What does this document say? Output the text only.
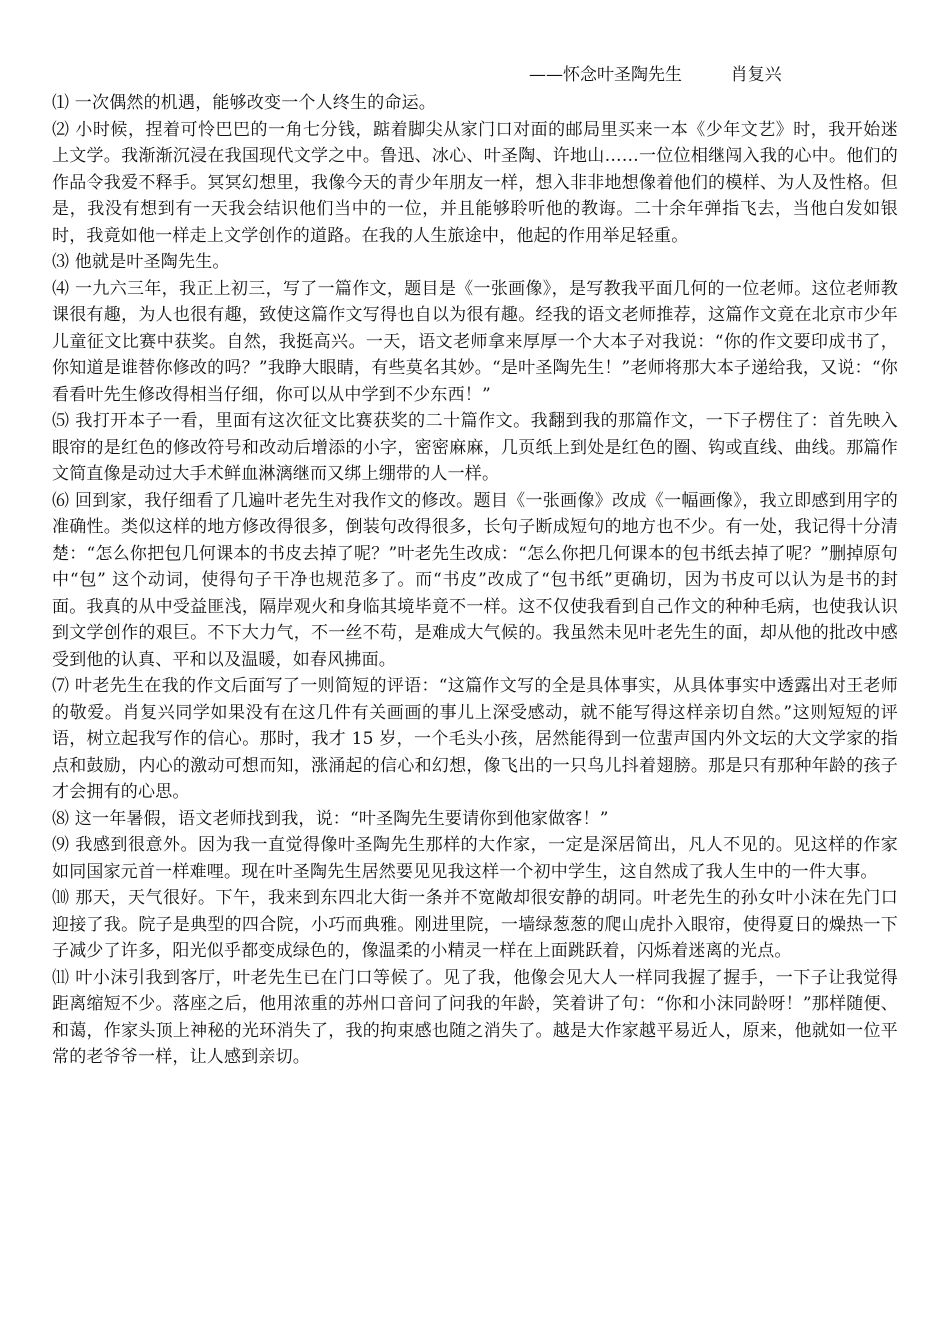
——怀念叶圣陶先生         肖复兴

⑴ 一次偶然的机遇，能够改变一个人终生的命运。

⑵ 小时候，捏着可怜巴巴的一角七分钱，踮着脚尖从家门口对面的邮局里买来一本《少年文艺》时，我开始迷上文学。我渐渐沉浸在我国现代文学之中。鲁迅、冰心、叶圣陶、许地山……一位位相继闯入我的心中。他们的作品令我爱不释手。冥冥幻想里，我像今天的青少年朋友一样，想入非非地想像着他们的模样、为人及性格。但是，我没有想到有一天我会结识他们当中的一位，并且能够聆听他的教诲。二十余年弹指飞去，当他白发如银时，我竟如他一样走上文学创作的道路。在我的人生旅途中，他起的作用举足轻重。

⑶ 他就是叶圣陶先生。

⑷ 一九六三年，我正上初三，写了一篇作文，题目是《一张画像》，是写教我平面几何的一位老师。这位老师教课很有趣，为人也很有趣，致使这篇作文写得也自以为很有趣。经我的语文老师推荐，这篇作文竟在北京市少年儿童征文比赛中获奖。自然，我挺高兴。一天，语文老师拿来厚厚一个大本子对我说：“你的作文要印成书了，你知道是谁替你修改的吗？”我睁大眼睛，有些莫名其妙。“是叶圣陶先生！”老师将那大本子递给我，又说：“你看看叶先生修改得相当仔细，你可以从中学到不少东西！”

⑸ 我打开本子一看，里面有这次征文比赛获奖的二十篇作文。我翻到我的那篇作文，一下子楞住了：首先映入眼帘的是红色的修改符号和改动后增添的小字，密密麻麻，几页纸上到处是红色的圈、钩或直线、曲线。那篇作文简直像是动过大手术鲜血淋漓继而又绑上绷带的人一样。

⑹ 回到家，我仔细看了几遍叶老先生对我作文的修改。题目《一张画像》改成《一幅画像》，我立即感到用字的准确性。类似这样的地方修改得很多，倒装句改得很多，长句子断成短句的地方也不少。有一处，我记得十分清楚：“怎么你把包几何课本的书皮去掉了呢？”叶老先生改成：“怎么你把几何课本的包书纸去掉了呢？”删掉原句中“包” 这个动词，使得句子干净也规范多了。而“书皮”改成了“包书纸”更确切，因为书皮可以认为是书的封面。我真的从中受益匪浅，隔岸观火和身临其境毕竟不一样。这不仅使我看到自己作文的种种毛病，也使我认识到文学创作的艰巨。不下大力气，不一丝不苟，是难成大气候的。我虽然未见叶老先生的面，却从他的批改中感受到他的认真、平和以及温暖，如春风拂面。

⑺ 叶老先生在我的作文后面写了一则简短的评语：“这篇作文写的全是具体事实，从具体事实中透露出对王老师的敬爱。肖复兴同学如果没有在这几件有关画画的事儿上深受感动，就不能写得这样亲切自然。”这则短短的评语，树立起我写作的信心。那时，我才 15 岁，一个毛头小孩，居然能得到一位蜚声国内外文坛的大文学家的指点和鼓励，内心的激动可想而知，涨涌起的信心和幻想，像飞出的一只鸟儿抖着翅膀。那是只有那种年龄的孩子才会拥有的心思。

⑻ 这一年暑假，语文老师找到我，说：“叶圣陶先生要请你到他家做客！”

⑼ 我感到很意外。因为我一直觉得像叶圣陶先生那样的大作家，一定是深居简出，凡人不见的。见这样的作家如同国家元首一样难哩。现在叶圣陶先生居然要见见我这样一个初中学生，这自然成了我人生中的一件大事。

⑽ 那天，天气很好。下午，我来到东四北大街一条并不宽敞却很安静的胡同。叶老先生的孙女叶小沫在先门口迎接了我。院子是典型的四合院，小巧而典雅。刚进里院，一墙绿葱葱的爬山虎扑入眼帘，使得夏日的燥热一下子减少了许多，阳光似乎都变成绿色的，像温柔的小精灵一样在上面跳跃着，闪烁着迷离的光点。

⑾ 叶小沫引我到客厅，叶老先生已在门口等候了。见了我，他像会见大人一样同我握了握手，一下子让我觉得距离缩短不少。落座之后，他用浓重的苏州口音问了问我的年龄，笑着讲了句：“你和小沫同龄呀！”那样随便、和蔼，作家头顶上神秘的光环消失了，我的拘束感也随之消失了。越是大作家越平易近人，原来，他就如一位平常的老爷爷一样，让人感到亲切。
